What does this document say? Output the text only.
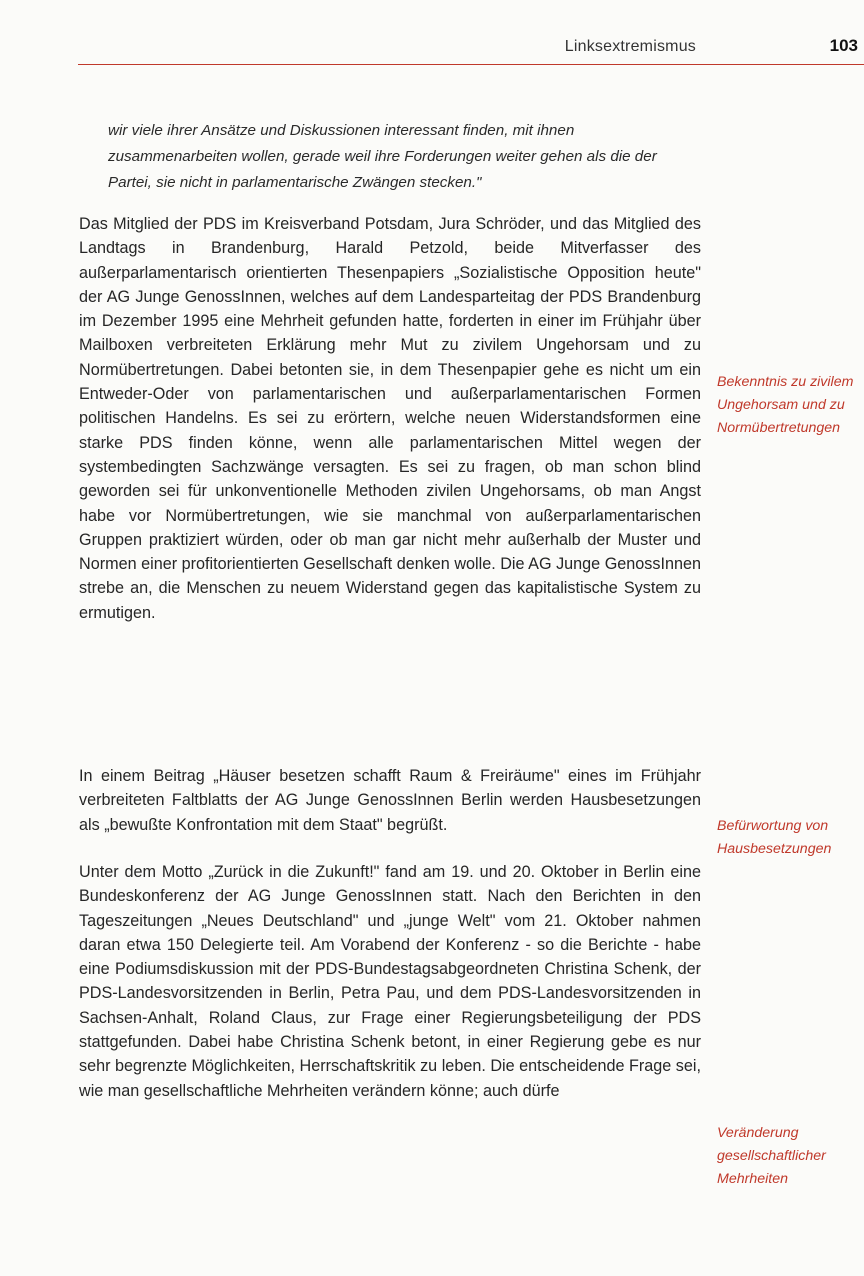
Linksextremismus	103
wir viele ihrer Ansätze und Diskussionen interessant finden, mit ihnen zusammenarbeiten wollen, gerade weil ihre Forderungen weiter gehen als die der Partei, sie nicht in parlamentarische Zwängen stecken."

Das Mitglied der PDS im Kreisverband Potsdam, Jura Schröder, und das Mitglied des Landtags in Brandenburg, Harald Petzold, beide Mitverfasser des außerparlamentarisch orientierten Thesenpapiers „Sozialistische Opposition heute" der AG Junge GenossInnen, welches auf dem Landesparteitag der PDS Brandenburg im Dezember 1995 eine Mehrheit gefunden hatte, forderten in einer im Frühjahr über Mailboxen verbreiteten Erklärung mehr Mut zu zivilem Ungehorsam und zu Normübertretungen. Dabei betonten sie, in dem Thesenpapier gehe es nicht um ein Entweder-Oder von parlamentarischen und außerparlamentarischen Formen politischen Handelns. Es sei zu erörtern, welche neuen Widerstandsformen eine starke PDS finden könne, wenn alle parlamentarischen Mittel wegen der systembedingten Sachzwänge versagten. Es sei zu fragen, ob man schon blind geworden sei für unkonventionelle Methoden zivilen Ungehorsams, ob man Angst habe vor Normübertretungen, wie sie manchmal von außerparlamentarischen Gruppen praktiziert würden, oder ob man gar nicht mehr außerhalb der Muster und Normen einer profitorientierten Gesellschaft denken wolle. Die AG Junge GenossInnen strebe an, die Menschen zu neuem Widerstand gegen das kapitalistische System zu ermutigen.

In einem Beitrag „Häuser besetzen schafft Raum & Freiräume" eines im Frühjahr verbreiteten Faltblatts der AG Junge GenossInnen Berlin werden Hausbesetzungen als „bewußte Konfrontation mit dem Staat" begrüßt.

Unter dem Motto „Zurück in die Zukunft!" fand am 19. und 20. Oktober in Berlin eine Bundeskonferenz der AG Junge GenossInnen statt. Nach den Berichten in den Tageszeitungen „Neues Deutschland" und „junge Welt" vom 21. Oktober nahmen daran etwa 150 Delegierte teil. Am Vorabend der Konferenz - so die Berichte - habe eine Podiumsdiskussion mit der PDS-Bundestagsabgeordneten Christina Schenk, der PDS-Landesvorsitzenden in Berlin, Petra Pau, und dem PDS-Landesvorsitzenden in Sachsen-Anhalt, Roland Claus, zur Frage einer Regierungsbeteiligung der PDS stattgefunden. Dabei habe Christina Schenk betont, in einer Regierung gebe es nur sehr begrenzte Möglichkeiten, Herrschaftskritik zu leben. Die entscheidende Frage sei, wie man gesellschaftliche Mehrheiten verändern könne; auch dürfe

Bekenntnis zu zivilem Ungehorsam und zu Normübertretungen
Befürwortung von Hausbesetzungen
Veränderung gesellschaftlicher Mehrheiten
